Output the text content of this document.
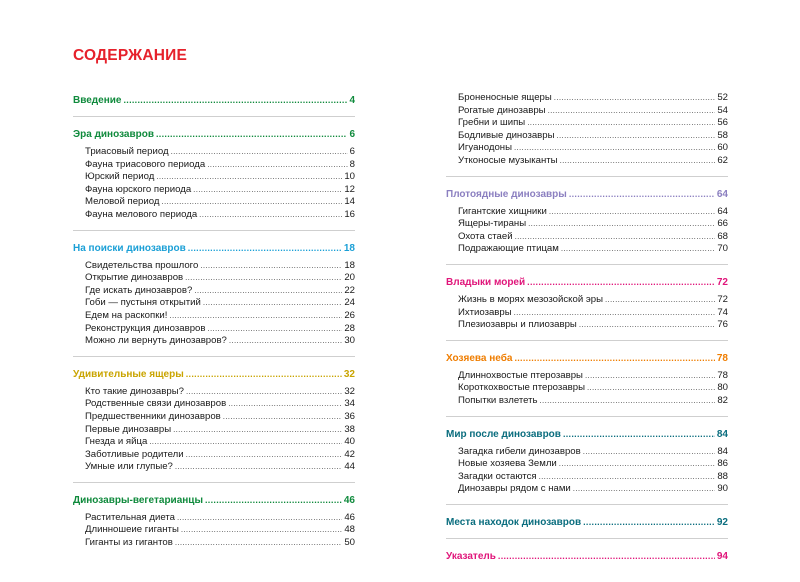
СОДЕРЖАНИЕ
Введение .....	4
Эра динозавров .....	6
Триасовый период .....	6
Фауна триасового периода .....	8
Юрский период .....	10
Фауна юрского периода .....	12
Меловой период .....	14
Фауна мелового периода .....	16
На поиски динозавров .....	18
Свидетельства прошлого .....	18
Открытие динозавров .....	20
Где искать динозавров? .....	22
Гоби — пустыня открытий .....	24
Едем на раскопки! .....	26
Реконструкция динозавров .....	28
Можно ли вернуть динозавров? .....	30
Удивительные ящеры .....	32
Кто такие динозавры? .....	32
Родственные связи динозавров .....	34
Предшественники динозавров .....	36
Первые динозавры .....	38
Гнезда и яйца .....	40
Заботливые родители .....	42
Умные или глупые? .....	44
Динозавры-вегетарианцы .....	46
Растительная диета .....	46
Длинношеие гиганты .....	48
Гиганты из гигантов .....	50
Броненосные ящеры .....	52
Рогатые динозавры .....	54
Гребни и шипы .....	56
Бодливые динозавры .....	58
Игуанодоны .....	60
Утконосые музыканты .....	62
Плотоядные динозавры .....	64
Гигантские хищники .....	64
Ящеры-тираны .....	66
Охота стаей .....	68
Подражающие птицам .....	70
Владыки морей .....	72
Жизнь в морях мезозойской эры .....	72
Ихтиозавры .....	74
Плезиозавры и плиозавры .....	76
Хозяева неба .....	78
Длиннохвостые птерозавры .....	78
Короткохвостые птерозавры .....	80
Попытки взлететь .....	82
Мир после динозавров .....	84
Загадка гибели динозавров .....	84
Новые хозяева Земли .....	86
Загадки остаются .....	88
Динозавры рядом с нами .....	90
Места находок динозавров .....	92
Указатель .....	94
